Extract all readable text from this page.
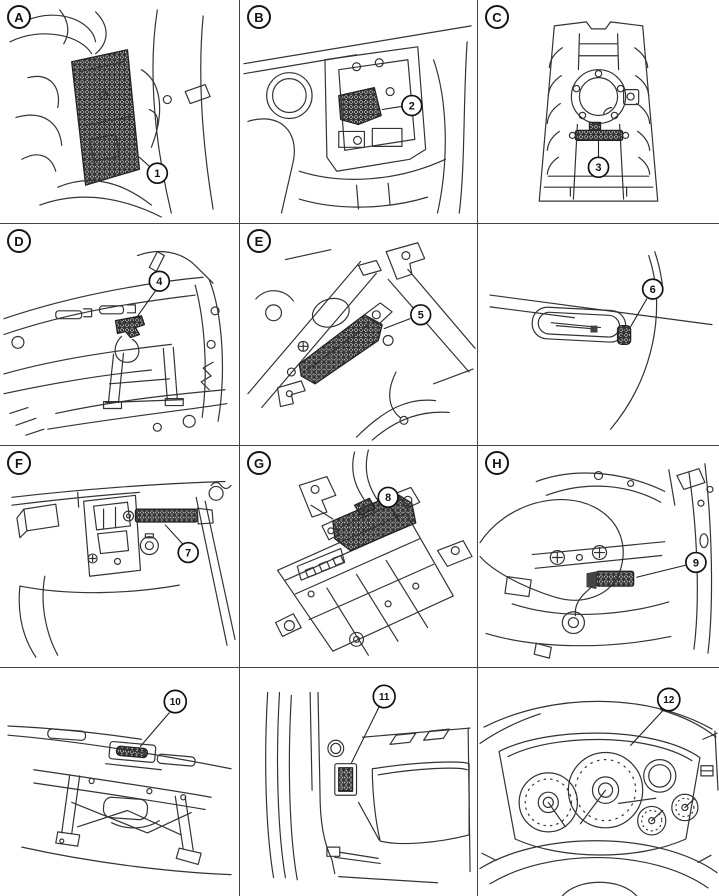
A
1
B
2
C
3
D
4
E
5
6
F
7
G
8
H
9
10	11	12
